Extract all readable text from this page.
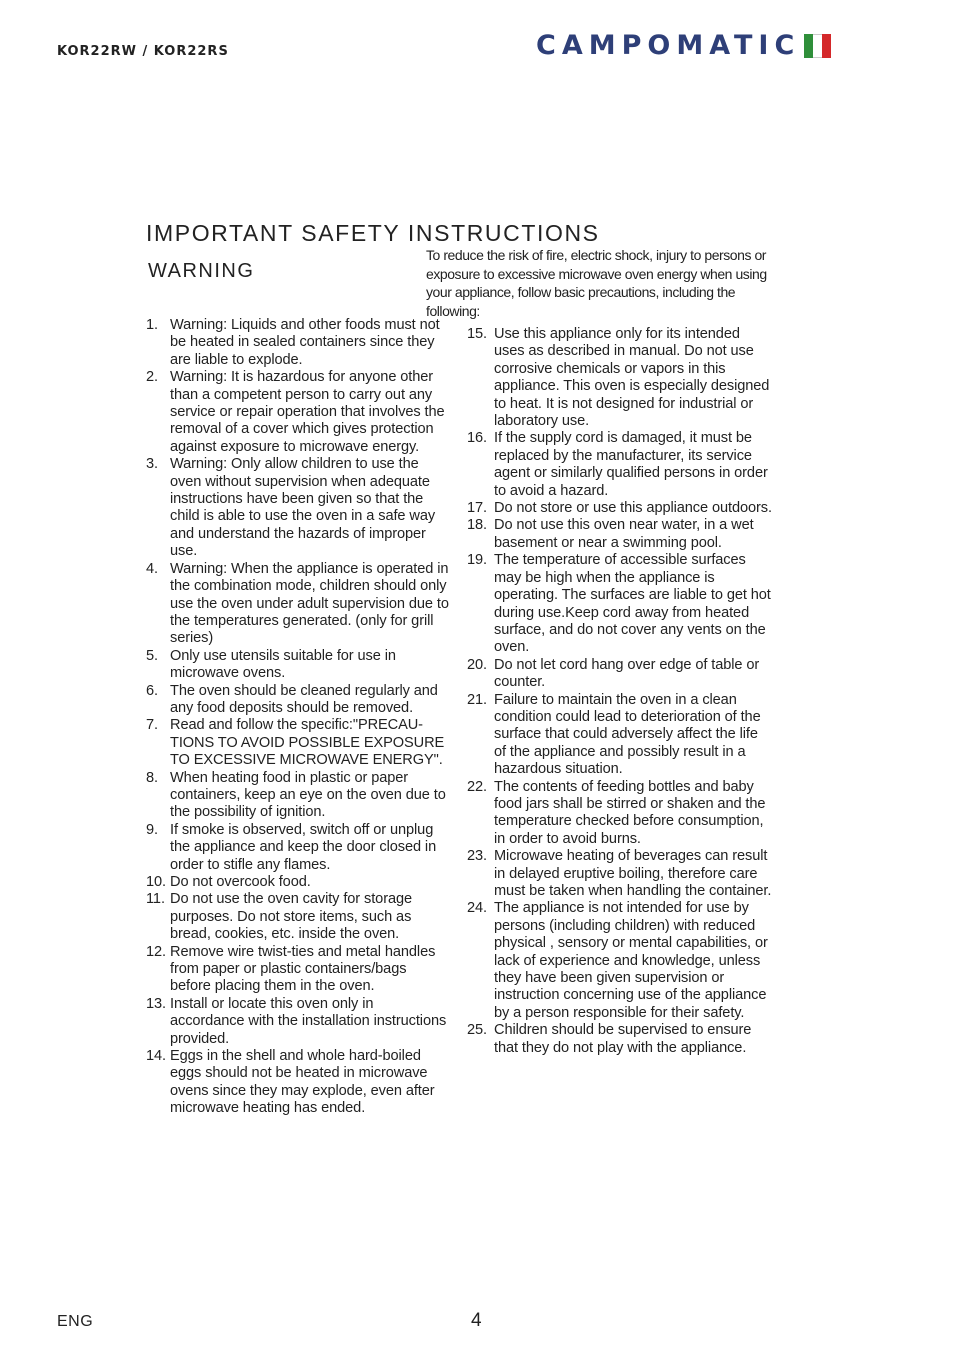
KOR22RW / KOR22RS	CAMPOMATIC
IMPORTANT SAFETY INSTRUCTIONS
WARNING

To reduce the risk of fire, electric shock, injury to persons or exposure to excessive microwave oven energy when using your appliance, follow basic precautions, including the following:

1. Warning: Liquids and other foods must not be heated in sealed containers since they are liable to explode.
2. Warning: It is hazardous for anyone other than a competent person to carry out any service or repair operation that involves the removal of a cover which gives protection against exposure to microwave energy.
3. Warning: Only allow children to use the oven without supervision when adequate instructions have been given so that the child is able to use the oven in a safe way and understand the hazards of improper use.
4. Warning: When the appliance is operated in the combination mode, children should only use the oven under adult supervision due to the temperatures generated. (only for grill series)
5. Only use utensils suitable for use in microwave ovens.
6. The oven should be cleaned regularly and any food deposits should be removed.
7. Read and follow the specific:"PRECAU-TIONS TO AVOID POSSIBLE EXPOSURE TO EXCESSIVE MICROWAVE ENERGY".
8. When heating food in plastic or paper containers, keep an eye on the oven due to the possibility of ignition.
9. If smoke is observed, switch off or unplug the appliance and keep the door closed in order to stifle any flames.
10. Do not overcook food.
11. Do not use the oven cavity for storage purposes. Do not store items, such as bread, cookies, etc. inside the oven.
12. Remove wire twist-ties and metal handles from paper or plastic containers/bags before placing them in the oven.
13. Install or locate this oven only in accordance with the installation instructions provided.
14. Eggs in the shell and whole hard-boiled eggs should not be heated in microwave ovens since they may explode, even after microwave heating has ended.
15. Use this appliance only for its intended uses as described in manual. Do not use corrosive chemicals or vapors in this appliance. This oven is especially designed to heat. It is not designed for industrial or laboratory use.
16. If the supply cord is damaged, it must be replaced by the manufacturer, its service agent or similarly qualified persons in order to avoid a hazard.
17. Do not store or use this appliance outdoors.
18. Do not use this oven near water, in a wet basement or near a swimming pool.
19. The temperature of accessible surfaces may be high when the appliance is operating. The surfaces are liable to get hot during use.Keep cord away from heated surface, and do not cover any vents on the oven.
20. Do not let cord hang over edge of table or counter.
21. Failure to maintain the oven in a clean condition could lead to deterioration of the surface that could adversely affect the life of the appliance and possibly result in a hazardous situation.
22. The contents of feeding bottles and baby food jars shall be stirred or shaken and the temperature checked before consumption, in order to avoid burns.
23. Microwave heating of beverages can result in delayed eruptive boiling, therefore care must be taken when handling the container.
24. The appliance is not intended for use by persons (including children) with reduced physical , sensory or mental capabilities, or lack of experience and knowledge, unless they have been given supervision or instruction concerning use of the appliance by a person responsible for their safety.
25. Children should be supervised to ensure that they do not play with the appliance.
ENG	4
